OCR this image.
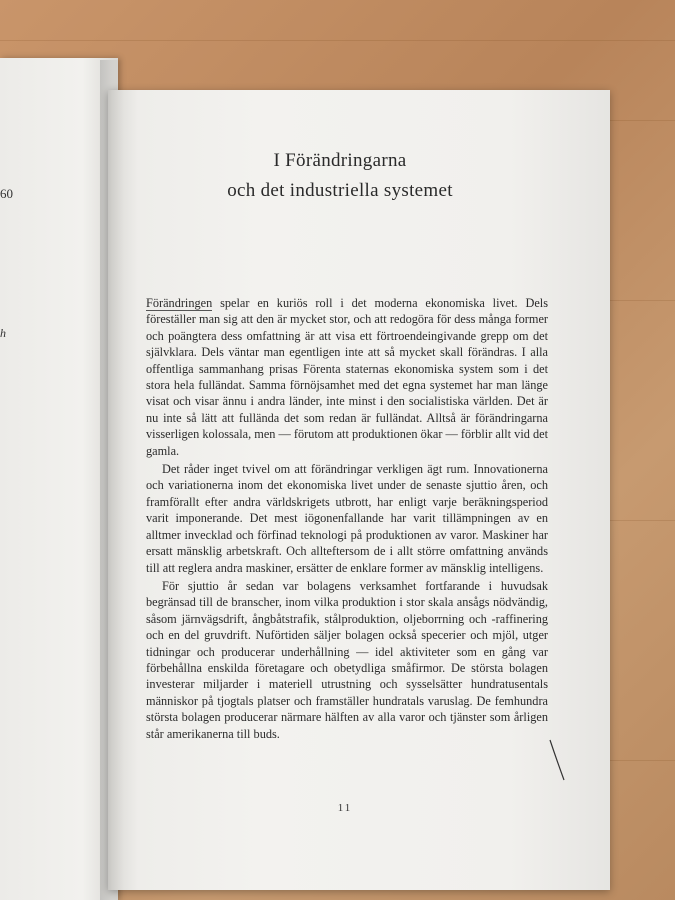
60
h
I Förändringarna
och det industriella systemet

Förändringen spelar en kuriös roll i det moderna ekonomiska livet. Dels föreställer man sig att den är mycket stor, och att redogöra för dess många former och poängtera dess omfattning är att visa ett förtroendeingivande grepp om det självklara. Dels väntar man egentligen inte att så mycket skall förändras. I alla offentliga sammanhang prisas Förenta staternas ekonomiska system som i det stora hela fulländat. Samma förnöjsamhet med det egna systemet har man länge visat och visar ännu i andra länder, inte minst i den socialistiska världen. Det är nu inte så lätt att fullända det som redan är fulländat. Alltså är förändringarna visserligen kolossala, men — förutom att produktionen ökar — förblir allt vid det gamla.

Det råder inget tvivel om att förändringar verkligen ägt rum. Innovationerna och variationerna inom det ekonomiska livet under de senaste sjuttio åren, och framförallt efter andra världskrigets utbrott, har enligt varje beräkningsperiod varit imponerande. Det mest iögonenfallande har varit tillämpningen av en alltmer invecklad och förfinad teknologi på produktionen av varor. Maskiner har ersatt mänsklig arbetskraft. Och allteftersom de i allt större omfattning används till att reglera andra maskiner, ersätter de enklare former av mänsklig intelligens.

För sjuttio år sedan var bolagens verksamhet fortfarande i huvudsak begränsad till de branscher, inom vilka produktion i stor skala ansågs nödvändig, såsom järnvägsdrift, ångbåtstrafik, stålproduktion, oljeborrning och -raffinering och en del gruvdrift. Nuförtiden säljer bolagen också specerier och mjöl, utger tidningar och producerar underhållning — idel aktiviteter som en gång var förbehållna enskilda företagare och obetydliga småfirmor. De största bolagen investerar miljarder i materiell utrustning och sysselsätter hundratusentals människor på tjogtals platser och framställer hundratals varuslag. De femhundra största bolagen producerar närmare hälften av alla varor och tjänster som årligen står amerikanerna till buds.

11
